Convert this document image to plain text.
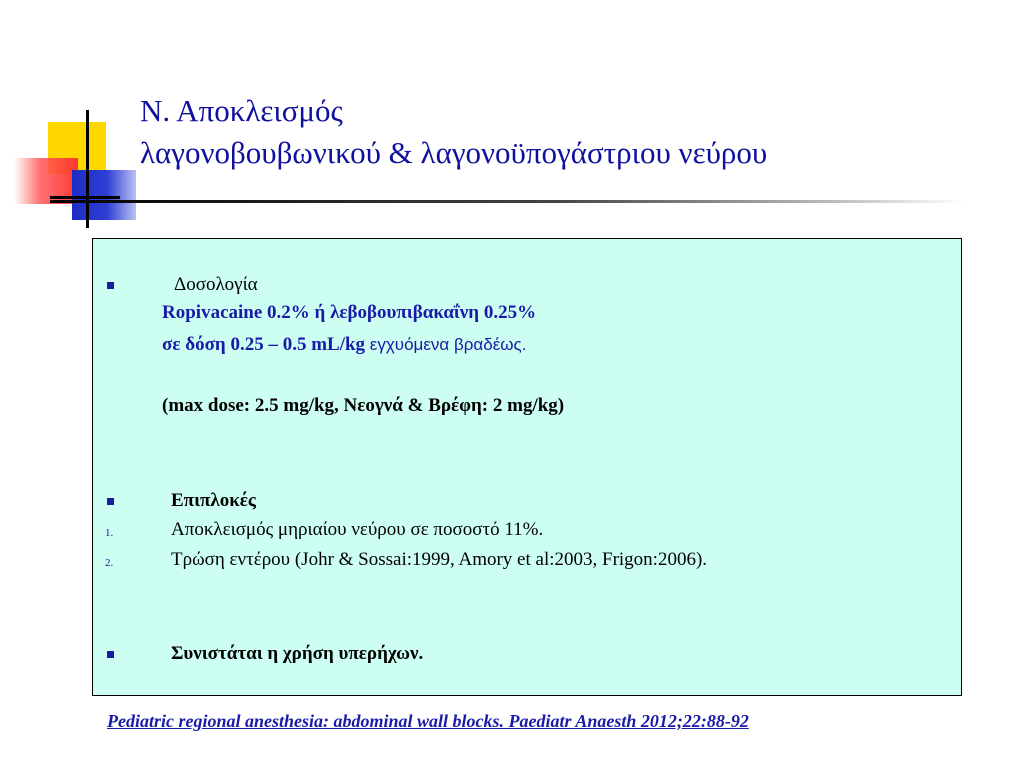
Ν. Αποκλεισμός
λαγονοβουβωνικού & λαγονοϋπογάστριου νεύρου
Δοσολογία
Ropivacaine 0.2% ή λεβοβουπιβακαΐνη 0.25%
σε δόση 0.25 – 0.5 mL/kg εγχυόμενα βραδέως.
(max dose: 2.5 mg/kg, Νεογνά & Βρέφη: 2 mg/kg)
Επιπλοκές
1.	Αποκλεισμός μηριαίου νεύρου σε ποσοστό 11%.
2.	Τρώση εντέρου (Johr & Sossai:1999, Amory et al:2003, Frigon:2006).
Συνιστάται η χρήση υπερήχων.
Pediatric regional anesthesia: abdominal wall blocks. Paediatr Anaesth 2012;22:88-92
